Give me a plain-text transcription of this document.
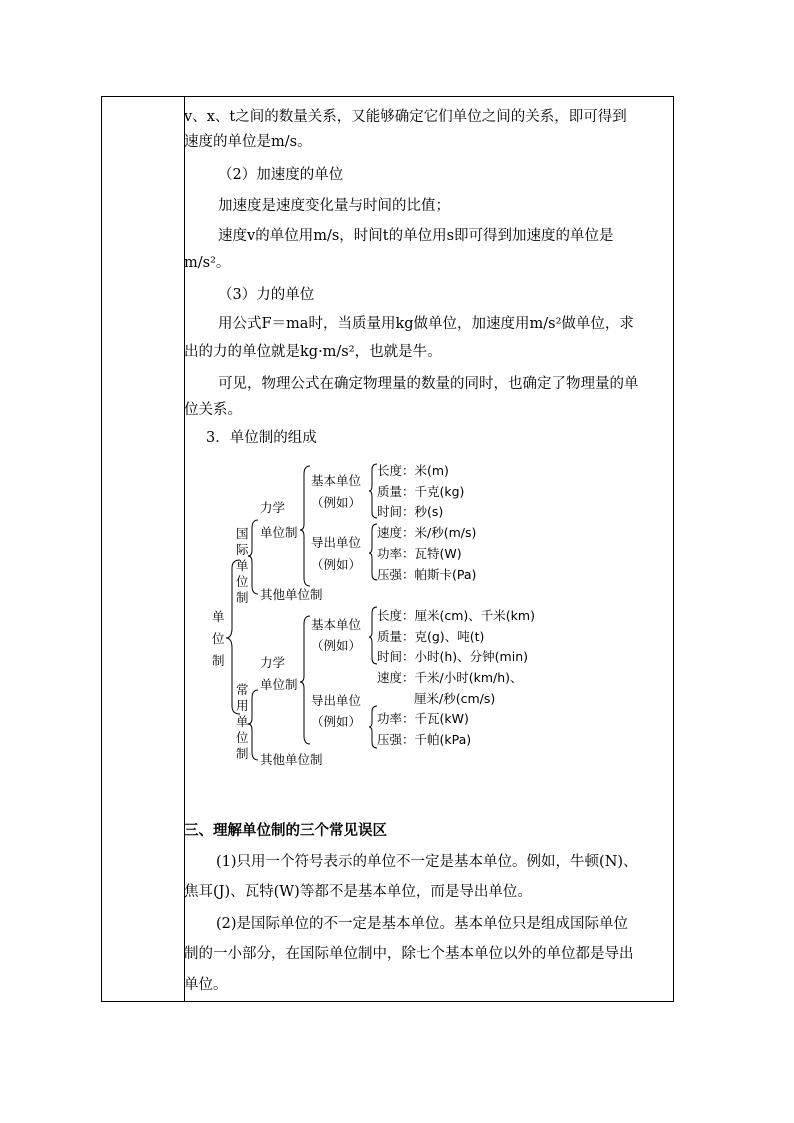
v、x、t之间的数量关系，又能够确定它们单位之间的关系，即可得到
速度的单位是m/s。
（2）加速度的单位
加速度是速度变化量与时间的比值；
速度v的单位用m/s，时间t的单位用s即可得到加速度的单位是
m/s²。
（3）力的单位
用公式F＝ma时，当质量用kg做单位，加速度用m/s²做单位，求
出的力的单位就是kg·m/s²，也就是牛。
可见，物理公式在确定物理量的数量的同时，也确定了物理量的单
位关系。
3．单位制的组成
三、理解单位制的三个常见误区
(1)只用一个符号表示的单位不一定是基本单位。例如，牛顿(N)、
焦耳(J)、瓦特(W)等都不是基本单位，而是导出单位。
(2)是国际单位的不一定是基本单位。基本单位只是组成国际单位
制的一小部分，在国际单位制中，除七个基本单位以外的单位都是导出
单位。
单
位
制
国
际
单
位
制
常
用
单
位
制
力学
单位制
其他单位制
基本单位
（例如）
导出单位
（例如）
长度：米(m)
质量：千克(kg)
时间：秒(s)
速度：米/秒(m/s)
功率：瓦特(W)
压强：帕斯卡(Pa)
力学
单位制
其他单位制
基本单位
（例如）
导出单位
（例如）
长度：厘米(cm)、千米(km)
质量：克(g)、吨(t)
时间：小时(h)、分钟(min)
速度：千米/小时(km/h)、
厘米/秒(cm/s)
功率：千瓦(kW)
压强：千帕(kPa)
